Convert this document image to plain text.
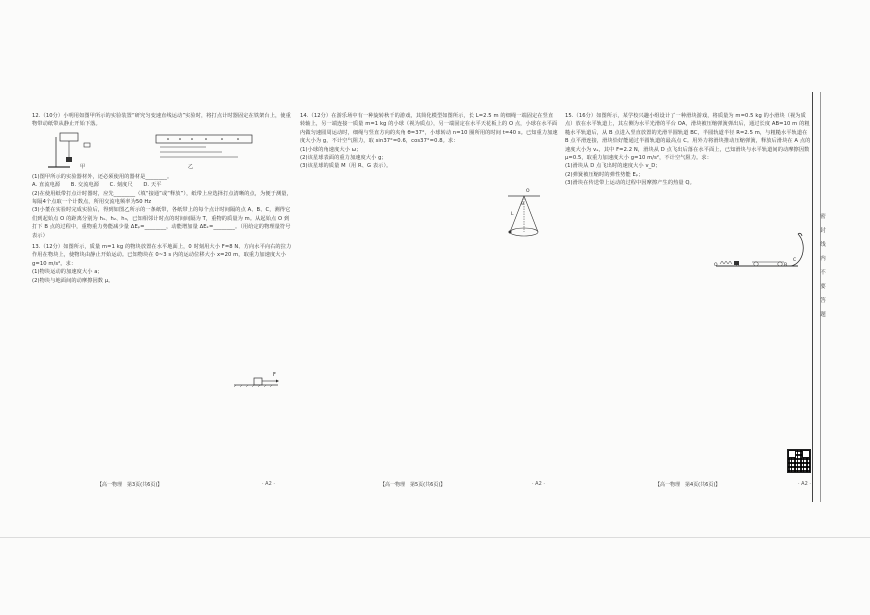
12.（10分）小明用如图甲所示的实验装置“研究匀变速直线运动”实验时，将打点计时器固定在铁架台上，使重物带动纸带从静止开始下落。

甲	乙

(1)图甲所示的实验器材外，还必须使用的器材是________。

A. 直流电源　　B. 交流电源　　C. 刻度尺　　D. 天平

(2)在使用纸带打点计时器时，应先________（填“接通”或“释放”），纸带上应选择打点清晰的点，为便于测量，每隔4个点取一个计数点，所用交流电频率为50 Hz

(3)小董在实验时完成实验后，得到如图乙所示的一条纸带，各纸带上的每个点计时间隔的点 A、B、C，测得它们到起始点 O 的距离分别为 h₁、h₂、h₃，已知相邻计时点的时间间隔为 T，重物的质量为 m。从起始点 O 到打下 B 点的过程中，重物重力势能减少量 ΔEₚ=________，动能增加量 ΔEₖ=________。（用给定的物理量符号表示）

13.（12分）如图所示，质量 m=1 kg 的物块放置在水平地面上，0 时刻用大小 F=8 N、方向水平向右的拉力作用在物块上，使物块由静止开始运动。已知物块在 0~3 s 内的运动位移大小 x=20 m，取重力加速度大小 g=10 m/s²。求：

(1)物块运动的加速度大小 a；

(2)物块与地面间的动摩擦因数 μ。

F

14.（12分）在游乐场中有一种旋转秋千的游戏，其简化模型如图所示，长 L=2.5 m 的细绳一端固定在竖直转轴上，另一端连接一质量 m=1 kg 的小球（视为质点），另一端固定在水平天花板上的 O 点，小球在水平面内做匀速圆周运动时，细绳与竖直方向的夹角 θ=37°，小球转动 n=10 圈所用的时间 t=40 s。已知重力加速度大小为 g，不计空气阻力，取 sin37°=0.6，cos37°=0.8。求：

(1)小球的角速度大小 ω；

(2)该星球表面的重力加速度大小 g；

(3)该星球的质量 M（用 R、G 表示）。

O
L
θ

15.（16分）如图所示，某学校兴趣小组设计了一种滑块游戏，将质量为 m=0.5 kg 的小滑块（视为质点）放在水平轨道上，其左侧为水平光滑的平台 OA，滑块被压缩弹簧弹出后，通过长度 AB=10 m 的粗糙水平轨道后，从 B 点进入竖直放置的光滑半圆轨道 BC，半圆轨道半径 R=2.5 m，与粗糙水平轨道在 B 点平滑连接，滑块恰好能通过半圆轨道的最高点 C。用外力将滑块推动压缩弹簧，释放后滑块在 A 点的速度大小为 vₐ，其中 F=2.2 N，滑块从 D 点飞出后落在水平面上，已知滑块与水平轨道间的动摩擦因数 μ=0.5，取重力加速度大小 g=10 m/s²，不计空气阻力。求：

(1)滑块从 D 点飞出时的速度大小 v_D；

(2)弹簧被压缩时的弹性势能 Eₚ；

(3)滑块在传送带上运动的过程中因摩擦产生的热量 Q。

O	A	B
C
【高一物理　第3页(共6页)】	· A2 ·	【高一物理　第5页(共6页)】	· A2 ·	【高一物理　第4页(共6页)】	· A2 ·
密
封
线
内
不
要
答
题
